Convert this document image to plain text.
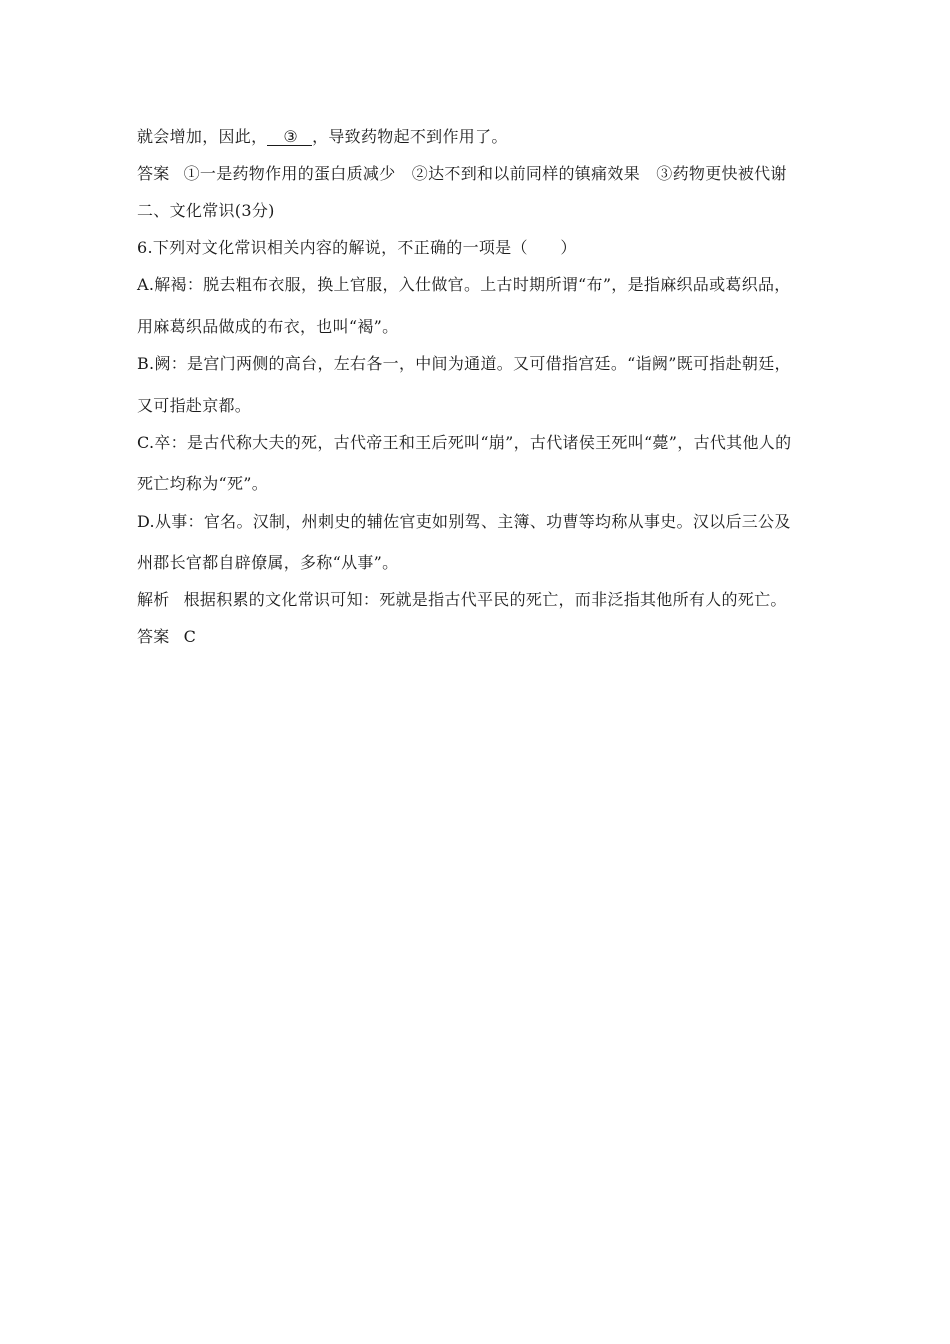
就会增加，因此， ③ ，导致药物起不到作用了。
答案 ①一是药物作用的蛋白质减少　②达不到和以前同样的镇痛效果　③药物更快被代谢
二、文化常识(3分)
6.下列对文化常识相关内容的解说，不正确的一项是（　　）
A.解褐：脱去粗布衣服，换上官服，入仕做官。上古时期所谓“布”，是指麻织品或葛织品，
用麻葛织品做成的布衣，也叫“褐”。
B.阙：是宫门两侧的高台，左右各一，中间为通道。又可借指宫廷。“诣阙”既可指赴朝廷，
又可指赴京都。
C.卒：是古代称大夫的死，古代帝王和王后死叫“崩”，古代诸侯王死叫“薨”，古代其他人的
死亡均称为“死”。
D.从事：官名。汉制，州刺史的辅佐官吏如别驾、主簿、功曹等均称从事史。汉以后三公及
州郡长官都自辟僚属，多称“从事”。
解析 根据积累的文化常识可知：死就是指古代平民的死亡，而非泛指其他所有人的死亡。
答案 C
